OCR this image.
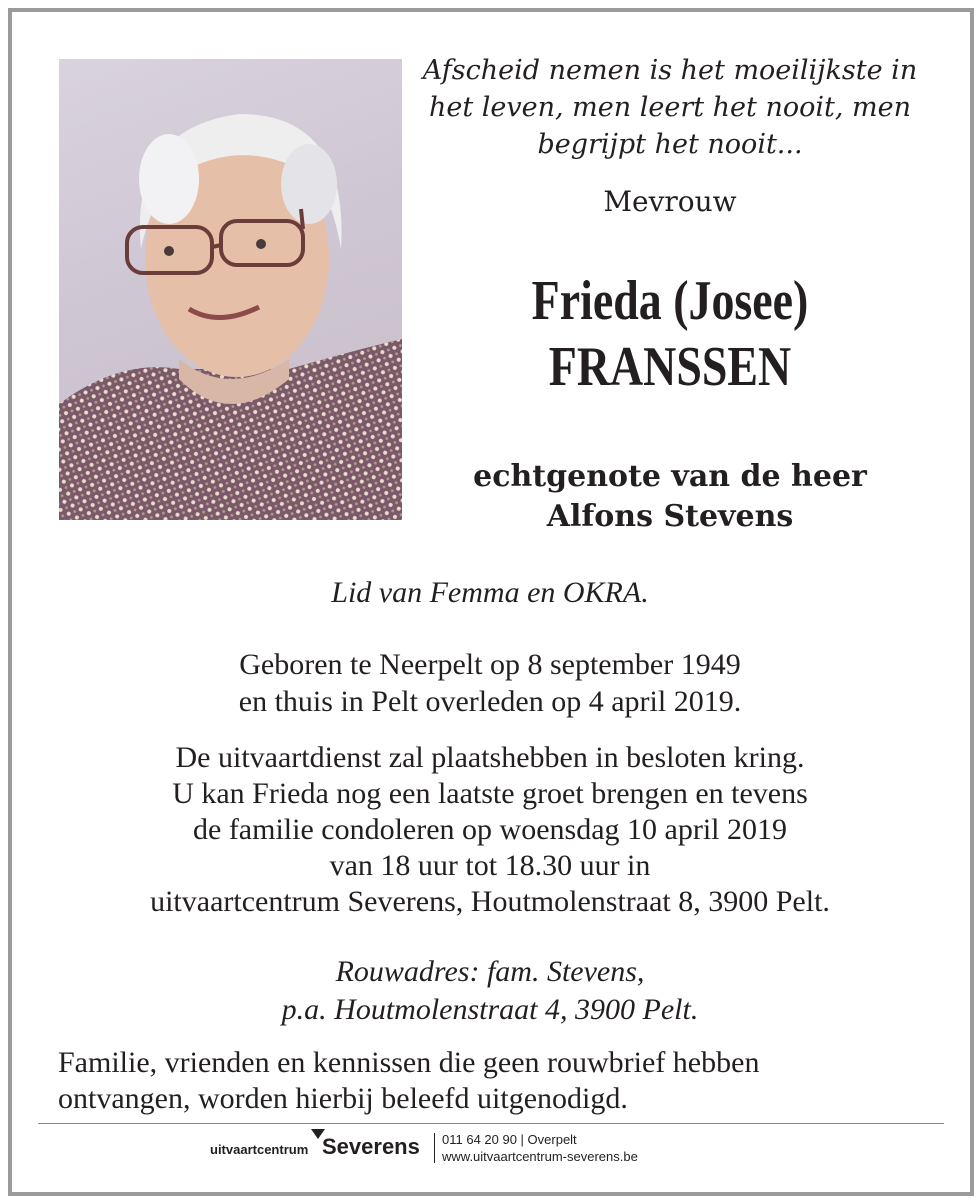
Afscheid nemen is het moeilijkste in
het leven, men leert het nooit, men
begrijpt het nooit...
Mevrouw
Frieda (Josee)
FRANSSEN
echtgenote van de heer
Alfons Stevens
Lid van Femma en OKRA.
Geboren te Neerpelt op 8 september 1949
en thuis in Pelt overleden op 4 april 2019.
De uitvaartdienst zal plaatshebben in besloten kring.
U kan Frieda nog een laatste groet brengen en tevens
de familie condoleren op woensdag 10 april 2019
van 18 uur tot 18.30 uur in
uitvaartcentrum Severens, Houtmolenstraat 8, 3900 Pelt.
Rouwadres: fam. Stevens,
p.a. Houtmolenstraat 4, 3900 Pelt.
Familie, vrienden en kennissen die geen rouwbrief hebben
ontvangen, worden hierbij beleefd uitgenodigd.
uitvaartcentrum Severens 011 64 20 90 | Overpelt
www.uitvaartcentrum-severens.be
